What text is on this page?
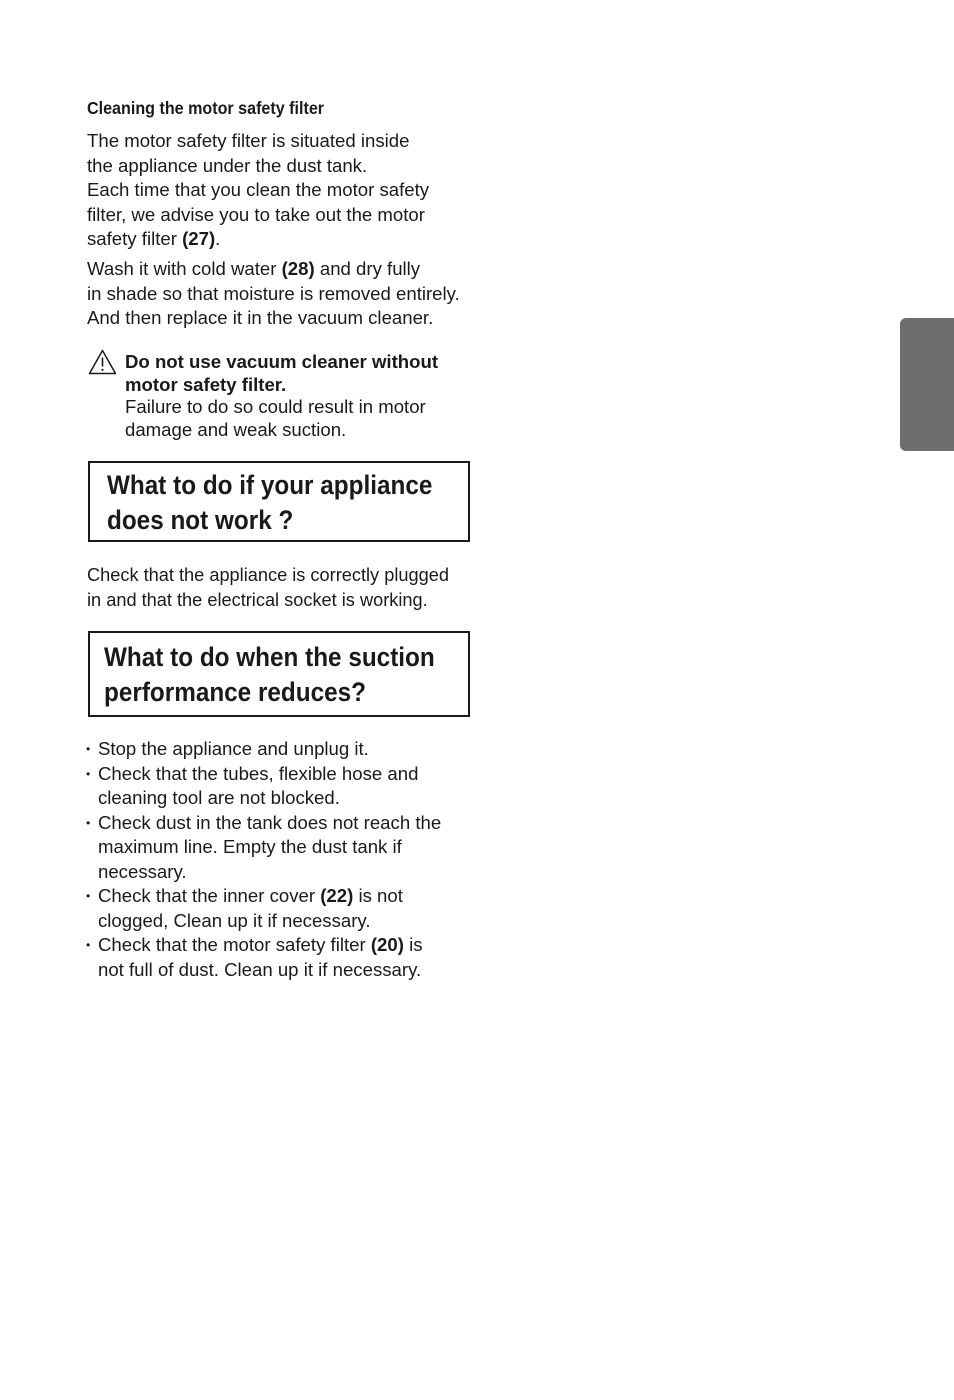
Cleaning the motor safety filter

The motor safety filter is situated inside
the appliance under the dust tank.
Each time that you clean the motor safety
filter, we advise you to take out the motor
safety filter (27).

Wash it with cold water (28) and dry fully
in shade so that moisture is removed entirely.
And then replace it in the vacuum cleaner.

Do not use vacuum cleaner without
motor safety filter.
Failure to do so could result in motor
damage and weak suction.
What to do if your appliance
does not work ?

Check that the appliance is correctly plugged
in and that the electrical socket is working.

What to do when the suction
performance reduces?
• Stop the appliance and unplug it.
• Check that the tubes, flexible hose and
cleaning tool are not blocked.
• Check dust in the tank does not reach the
maximum line. Empty the dust tank if
necessary.
• Check that the inner cover (22) is not
clogged, Clean up it if necessary.
• Check that the motor safety filter (20) is
not full of dust. Clean up it if necessary.
